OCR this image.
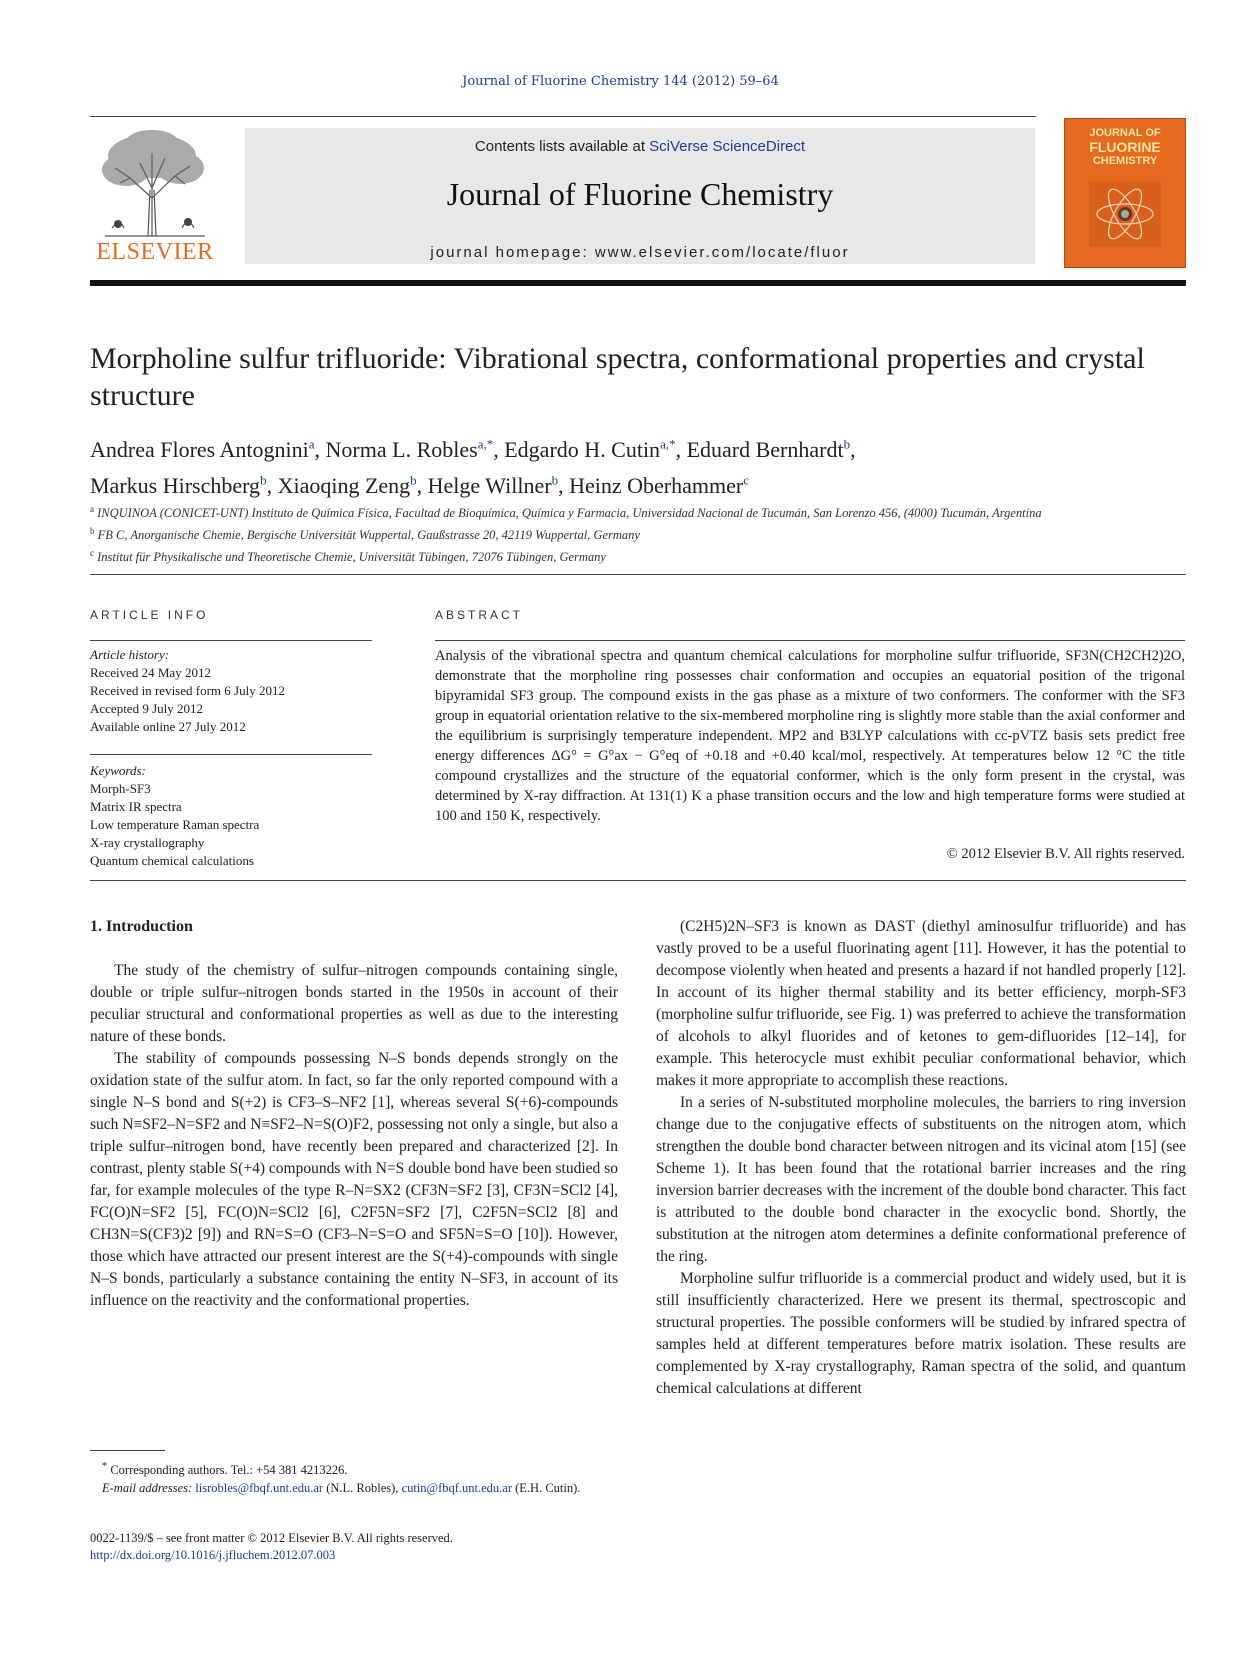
Journal of Fluorine Chemistry 144 (2012) 59–64
ELSEVIER
Contents lists available at SciVerse ScienceDirect
Journal of Fluorine Chemistry
journal homepage: www.elsevier.com/locate/fluor
JOURNAL OF
FLUORINE
CHEMISTRY
Morpholine sulfur trifluoride: Vibrational spectra, conformational properties and crystal structure
Andrea Flores Antognini$^a$, Norma L. Robles$^{a,*}$, Edgardo H. Cutin$^{a,*}$, Eduard Bernhardt$^b$,
Markus Hirschberg$^b$, Xiaoqing Zeng$^b$, Helge Willner$^b$, Heinz Oberhammer$^c$
$^a$ INQUINOA (CONICET-UNT) Instituto de Química Física, Facultad de Bioquímica, Química y Farmacia, Universidad Nacional de Tucumán, San Lorenzo 456, (4000) Tucumán, Argentina
$^b$ FB C, Anorganische Chemie, Bergische Universität Wuppertal, Gaußstrasse 20, 42119 Wuppertal, Germany
$^c$ Institut für Physikalische und Theoretische Chemie, Universität Tübingen, 72076 Tübingen, Germany
ARTICLE INFO	ABSTRACT
Article history:
Received 24 May 2012
Received in revised form 6 July 2012
Accepted 9 July 2012
Available online 27 July 2012
Keywords:
Morph-SF3
Matrix IR spectra
Low temperature Raman spectra
X-ray crystallography
Quantum chemical calculations

Analysis of the vibrational spectra and quantum chemical calculations for morpholine sulfur trifluoride, SF3N(CH2CH2)2O, demonstrate that the morpholine ring possesses chair conformation and occupies an equatorial position of the trigonal bipyramidal SF3 group. The compound exists in the gas phase as a mixture of two conformers. The conformer with the SF3 group in equatorial orientation relative to the six-membered morpholine ring is slightly more stable than the axial conformer and the equilibrium is surprisingly temperature independent. MP2 and B3LYP calculations with cc-pVTZ basis sets predict free energy differences ΔG° = G°ax − G°eq of +0.18 and +0.40 kcal/mol, respectively. At temperatures below 12 °C the title compound crystallizes and the structure of the equatorial conformer, which is the only form present in the crystal, was determined by X-ray diffraction. At 131(1) K a phase transition occurs and the low and high temperature forms were studied at 100 and 150 K, respectively.

© 2012 Elsevier B.V. All rights reserved.
1. Introduction

The study of the chemistry of sulfur–nitrogen compounds containing single, double or triple sulfur–nitrogen bonds started in the 1950s in account of their peculiar structural and conformational properties as well as due to the interesting nature of these bonds.

The stability of compounds possessing N–S bonds depends strongly on the oxidation state of the sulfur atom. In fact, so far the only reported compound with a single N–S bond and S(+2) is CF3–S–NF2 [1], whereas several S(+6)-compounds such N≡SF2–N=SF2 and N≡SF2–N=S(O)F2, possessing not only a single, but also a triple sulfur–nitrogen bond, have recently been prepared and characterized [2]. In contrast, plenty stable S(+4) compounds with N=S double bond have been studied so far, for example molecules of the type R–N=SX2 (CF3N=SF2 [3], CF3N=SCl2 [4], FC(O)N=SF2 [5], FC(O)N=SCl2 [6], C2F5N=SF2 [7], C2F5N=SCl2 [8] and CH3N=S(CF3)2 [9]) and RN=S=O (CF3–N=S=O and SF5N=S=O [10]). However, those which have attracted our present interest are the S(+4)-compounds with single N–S bonds, particularly a substance containing the entity N–SF3, in account of its influence on the reactivity and the conformational properties.

(C2H5)2N–SF3 is known as DAST (diethyl aminosulfur trifluoride) and has vastly proved to be a useful fluorinating agent [11]. However, it has the potential to decompose violently when heated and presents a hazard if not handled properly [12]. In account of its higher thermal stability and its better efficiency, morph-SF3 (morpholine sulfur trifluoride, see Fig. 1) was preferred to achieve the transformation of alcohols to alkyl fluorides and of ketones to gem-difluorides [12–14], for example. This heterocycle must exhibit peculiar conformational behavior, which makes it more appropriate to accomplish these reactions.

In a series of N-substituted morpholine molecules, the barriers to ring inversion change due to the conjugative effects of substituents on the nitrogen atom, which strengthen the double bond character between nitrogen and its vicinal atom [15] (see Scheme 1). It has been found that the rotational barrier increases and the ring inversion barrier decreases with the increment of the double bond character. This fact is attributed to the double bond character in the exocyclic bond. Shortly, the substitution at the nitrogen atom determines a definite conformational preference of the ring.

Morpholine sulfur trifluoride is a commercial product and widely used, but it is still insufficiently characterized. Here we present its thermal, spectroscopic and structural properties. The possible conformers will be studied by infrared spectra of samples held at different temperatures before matrix isolation. These results are complemented by X-ray crystallography, Raman spectra of the solid, and quantum chemical calculations at different

* Corresponding authors. Tel.: +54 381 4213226.
E-mail addresses: lisrobles@fbqf.unt.edu.ar (N.L. Robles), cutin@fbqf.unt.edu.ar (E.H. Cutin).
0022-1139/$ – see front matter © 2012 Elsevier B.V. All rights reserved.
http://dx.doi.org/10.1016/j.jfluchem.2012.07.003
